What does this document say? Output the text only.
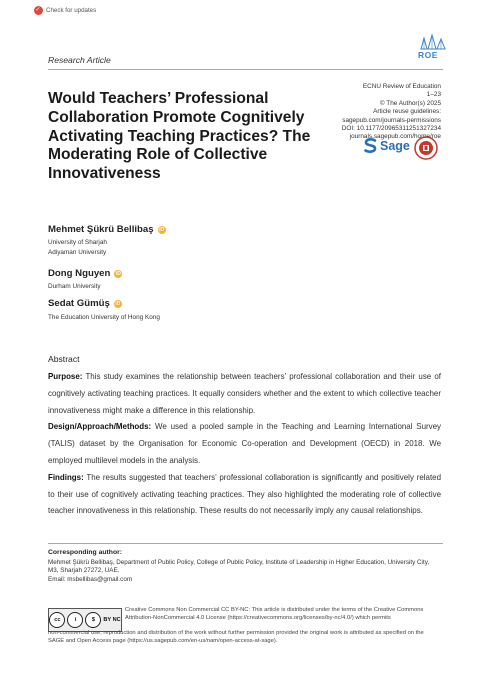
✓
Check for updates
ROE
Research Article
ECNU Review of Education
1–23
© The Author(s) 2025
Article reuse guidelines:
sagepub.com/journals-permissions
DOI: 10.1177/20965311251327234
journals.sagepub.com/home/roe
Would Teachers’ Professional Collaboration Promote Cognitively Activating Teaching Practices? The Moderating Role of Collective Innovativeness
Sage
Mehmet Şükrü Bellibaş	iD
University of Sharjah
Adiyaman University
Dong Nguyen	iD
Durham University
Sedat Gümüş	iD
The Education University of Hong Kong
Abstract

Purpose: This study examines the relationship between teachers’ professional collaboration and their use of cognitively activating teaching practices. It equally considers whether and the extent to which collective teacher innovativeness might make a difference in this relationship.

Design/Approach/Methods: We used a pooled sample in the Teaching and Learning International Survey (TALIS) dataset by the Organisation for Economic Co-operation and Development (OECD) in 2018. We employed multilevel models in the analysis.

Findings: The results suggested that teachers’ professional collaboration is significantly and positively related to their use of cognitively activating teaching practices. They also highlighted the moderating role of collective teacher innovativeness in this relationship. These results do not necessarily imply any causal relationships.

Corresponding author:
Mehmet Şükrü Bellibaş, Department of Public Policy, College of Public Policy, Institute of Leadership in Higher Education, University City, M3, Sharjah 27272, UAE.
Email: msbellibas@gmail.com
cc	i	$	BY NC
Creative Commons Non Commercial CC BY-NC: This article is distributed under the terms of the Creative Commons Attribution-NonCommercial 4.0 License (https://creativecommons.org/licenses/by-nc/4.0/) which permits
non-commercial use, reproduction and distribution of the work without further permission provided the original work is attributed as specified on the SAGE and Open Access page (https://us.sagepub.com/en-us/nam/open-access-at-sage).
